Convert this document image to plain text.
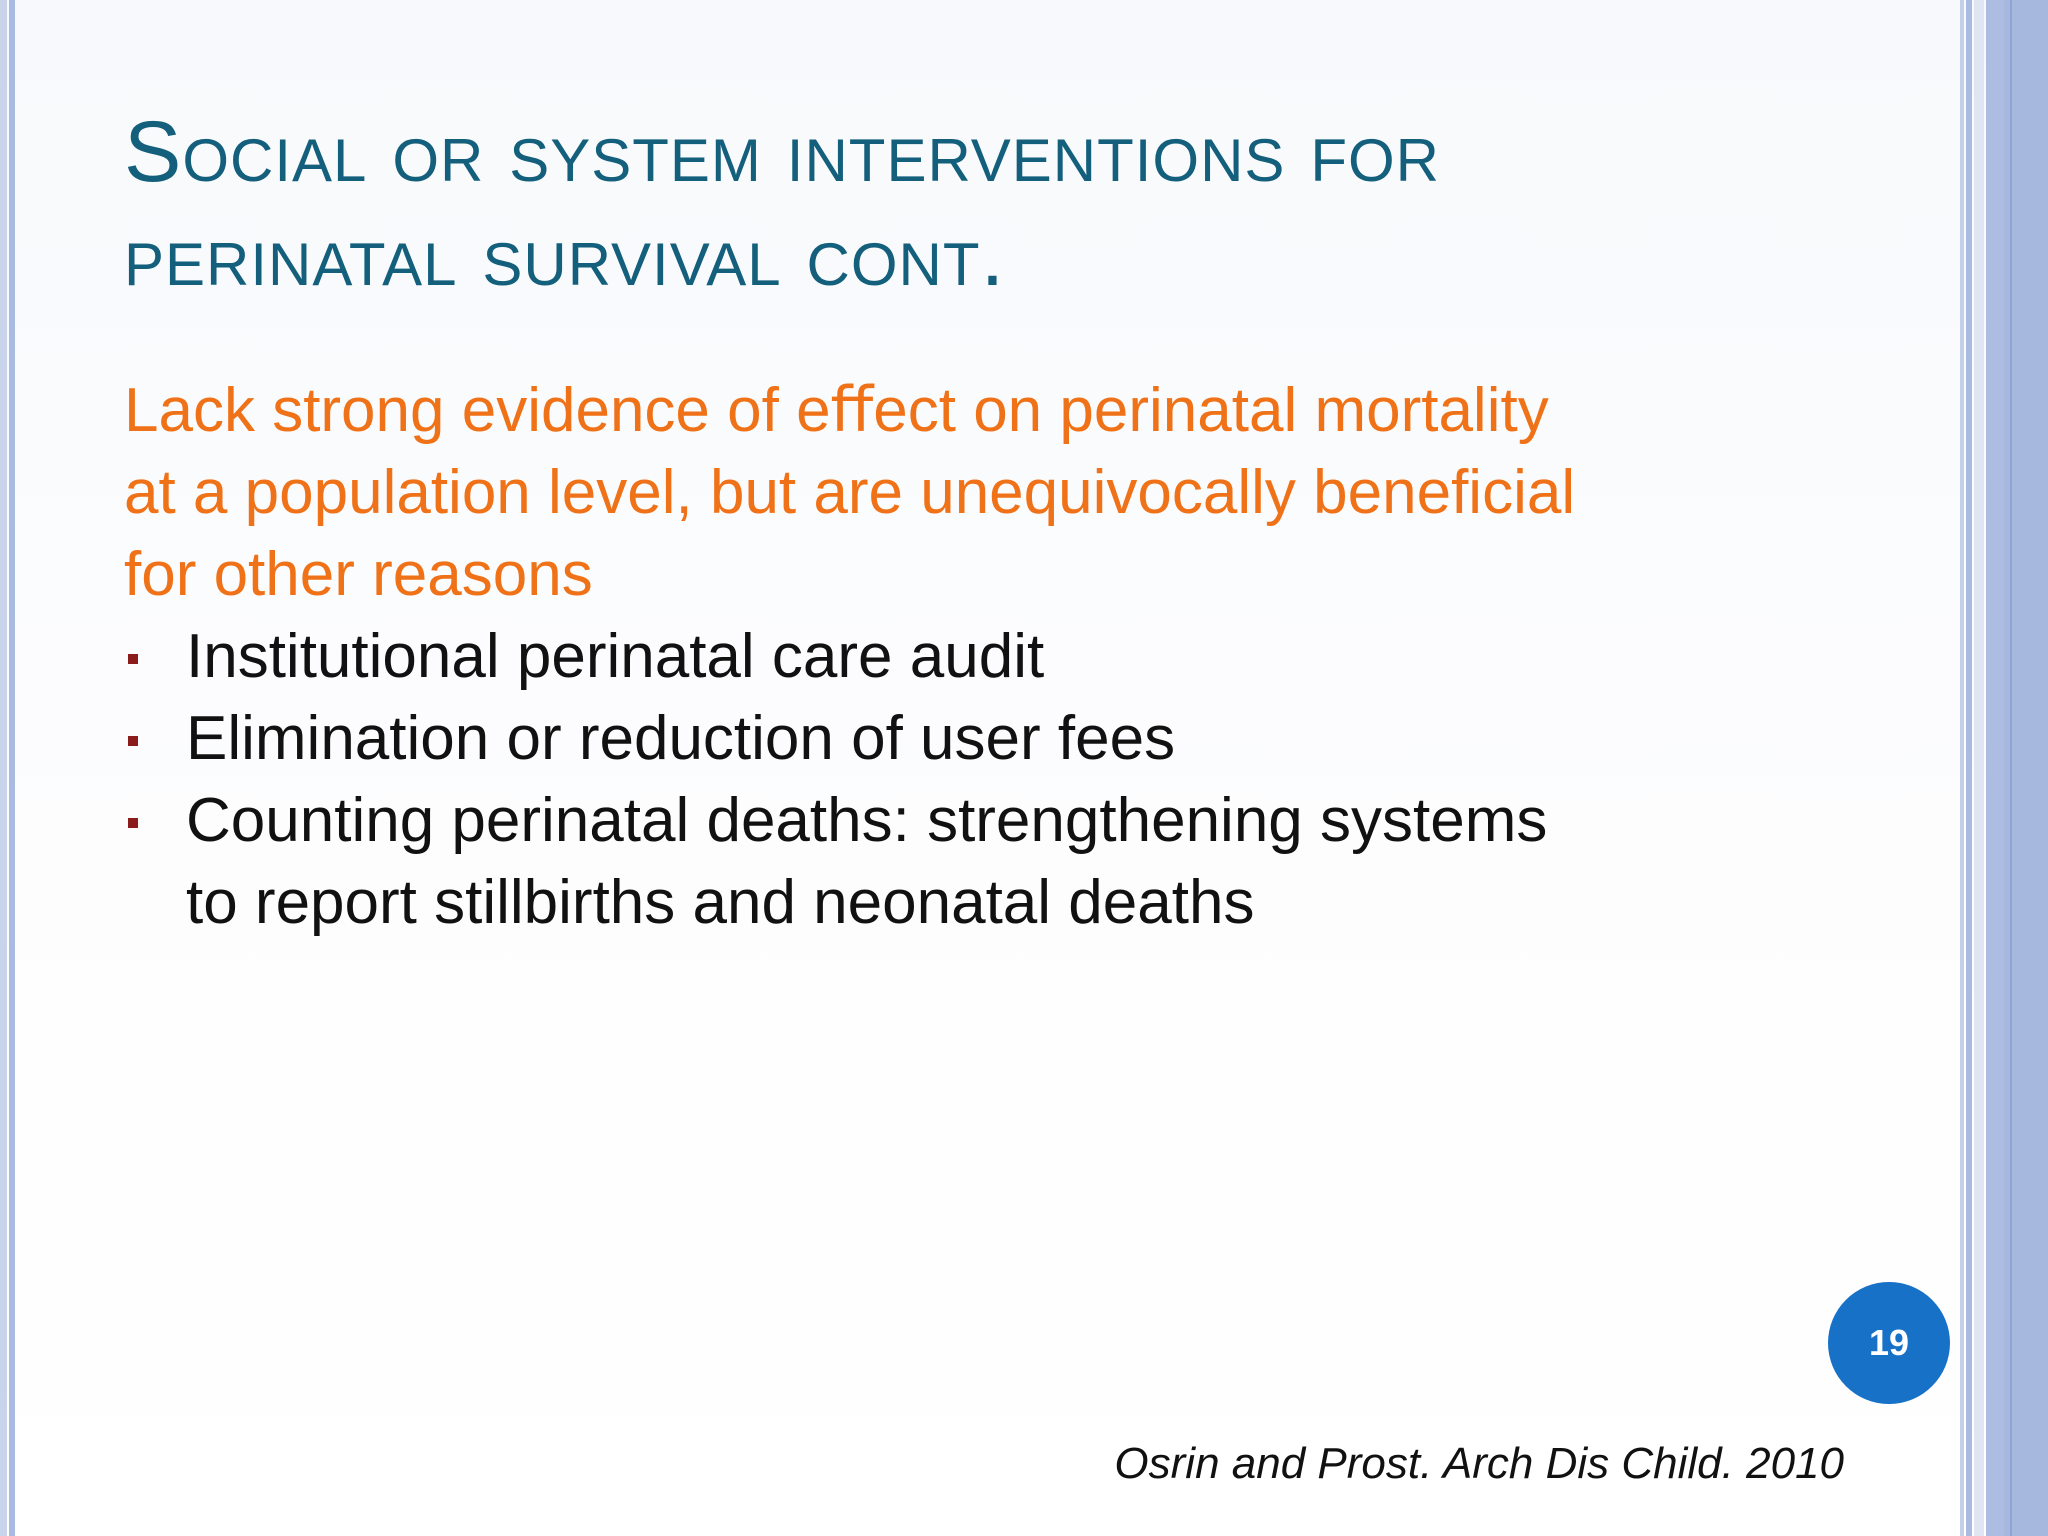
Social or system interventions for
perinatal survival cont.
Lack strong evidence of eﬀect on perinatal mortality
at a population level, but are unequivocally beneficial
for other reasons
Institutional perinatal care audit
Elimination or reduction of user fees
Counting perinatal deaths: strengthening systems to report stillbirths and neonatal deaths
19
Osrin and Prost. Arch Dis Child. 2010
